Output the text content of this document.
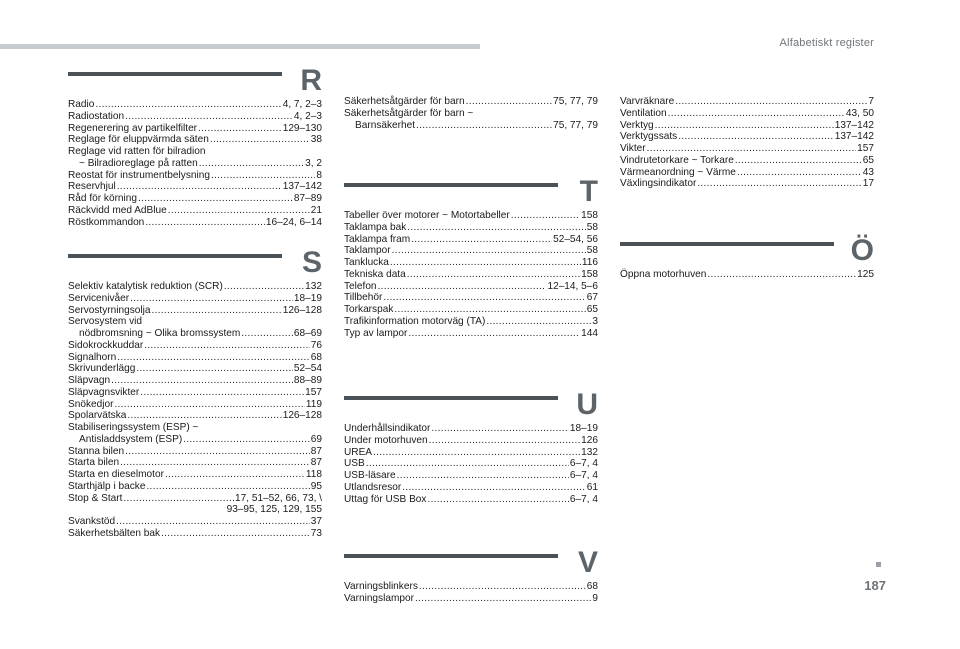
Alfabetiskt register
R
Radio .....	4, 7, 2–3
Radiostation .....	4, 2–3
Regenerering av partikelfilter .....	129–130
Reglage för eluppvärmda säten .....	38
Reglage vid ratten för bilradion
~ Bilradioreglage på ratten .....	3, 2
Reostat för instrumentbelysning .....	8
Reservhjul .....	137–142
Råd för körning .....	87–89
Räckvidd med AdBlue .....	21
Röstkommandon .....	16–24, 6–14
S
Selektiv katalytisk reduktion (SCR) .....	132
Servicenivåer .....	18–19
Servostyrningsolja .....	126–128
Servosystem vid
nödbromsning ~ Olika bromssystem .....	68–69
Sidokrockkuddar .....	76
Signalhorn .....	68
Skrivunderlägg .....	52–54
Släpvagn .....	88–89
Släpvagnsvikter .....	157
Snökedjor .....	119
Spolarvätska .....	126–128
Stabiliseringssystem (ESP) ~
Antisladdsystem (ESP) .....	69
Stanna bilen .....	87
Starta bilen .....	87
Starta en dieselmotor .....	118
Starthjälp i backe .....	95
Stop & Start .....	17, 51–52, 66, 73, \
93–95, 125, 129, 155
Svankstöd .....	37
Säkerhetsbälten bak .....	73
Säkerhetsåtgärder för barn .....	75, 77, 79
Säkerhetsåtgärder för barn ~
Barnsäkerhet .....	75, 77, 79
T
Tabeller över motorer ~ Motortabeller .....	158
Taklampa bak .....	58
Taklampa fram .....	52–54, 56
Taklampor .....	58
Tanklucka .....	116
Tekniska data .....	158
Telefon .....	12–14, 5–6
Tillbehör .....	67
Torkarspak .....	65
Trafikinformation motorväg (TA) .....	3
Typ av lampor .....	144
U
Underhållsindikator .....	18–19
Under motorhuven .....	126
UREA .....	132
USB .....	6–7, 4
USB-läsare .....	6–7, 4
Utlandsresor .....	61
Uttag för USB Box .....	6–7, 4
V
Varningsblinkers .....	68
Varningslampor .....	9
Varvräknare .....	7
Ventilation .....	43, 50
Verktyg .....	137–142
Verktygssats .....	137–142
Vikter .....	157
Vindrutetorkare ~ Torkare .....	65
Värmeanordning ~ Värme .....	43
Växlingsindikator .....	17
Ö
Öppna motorhuven .....	125
187
